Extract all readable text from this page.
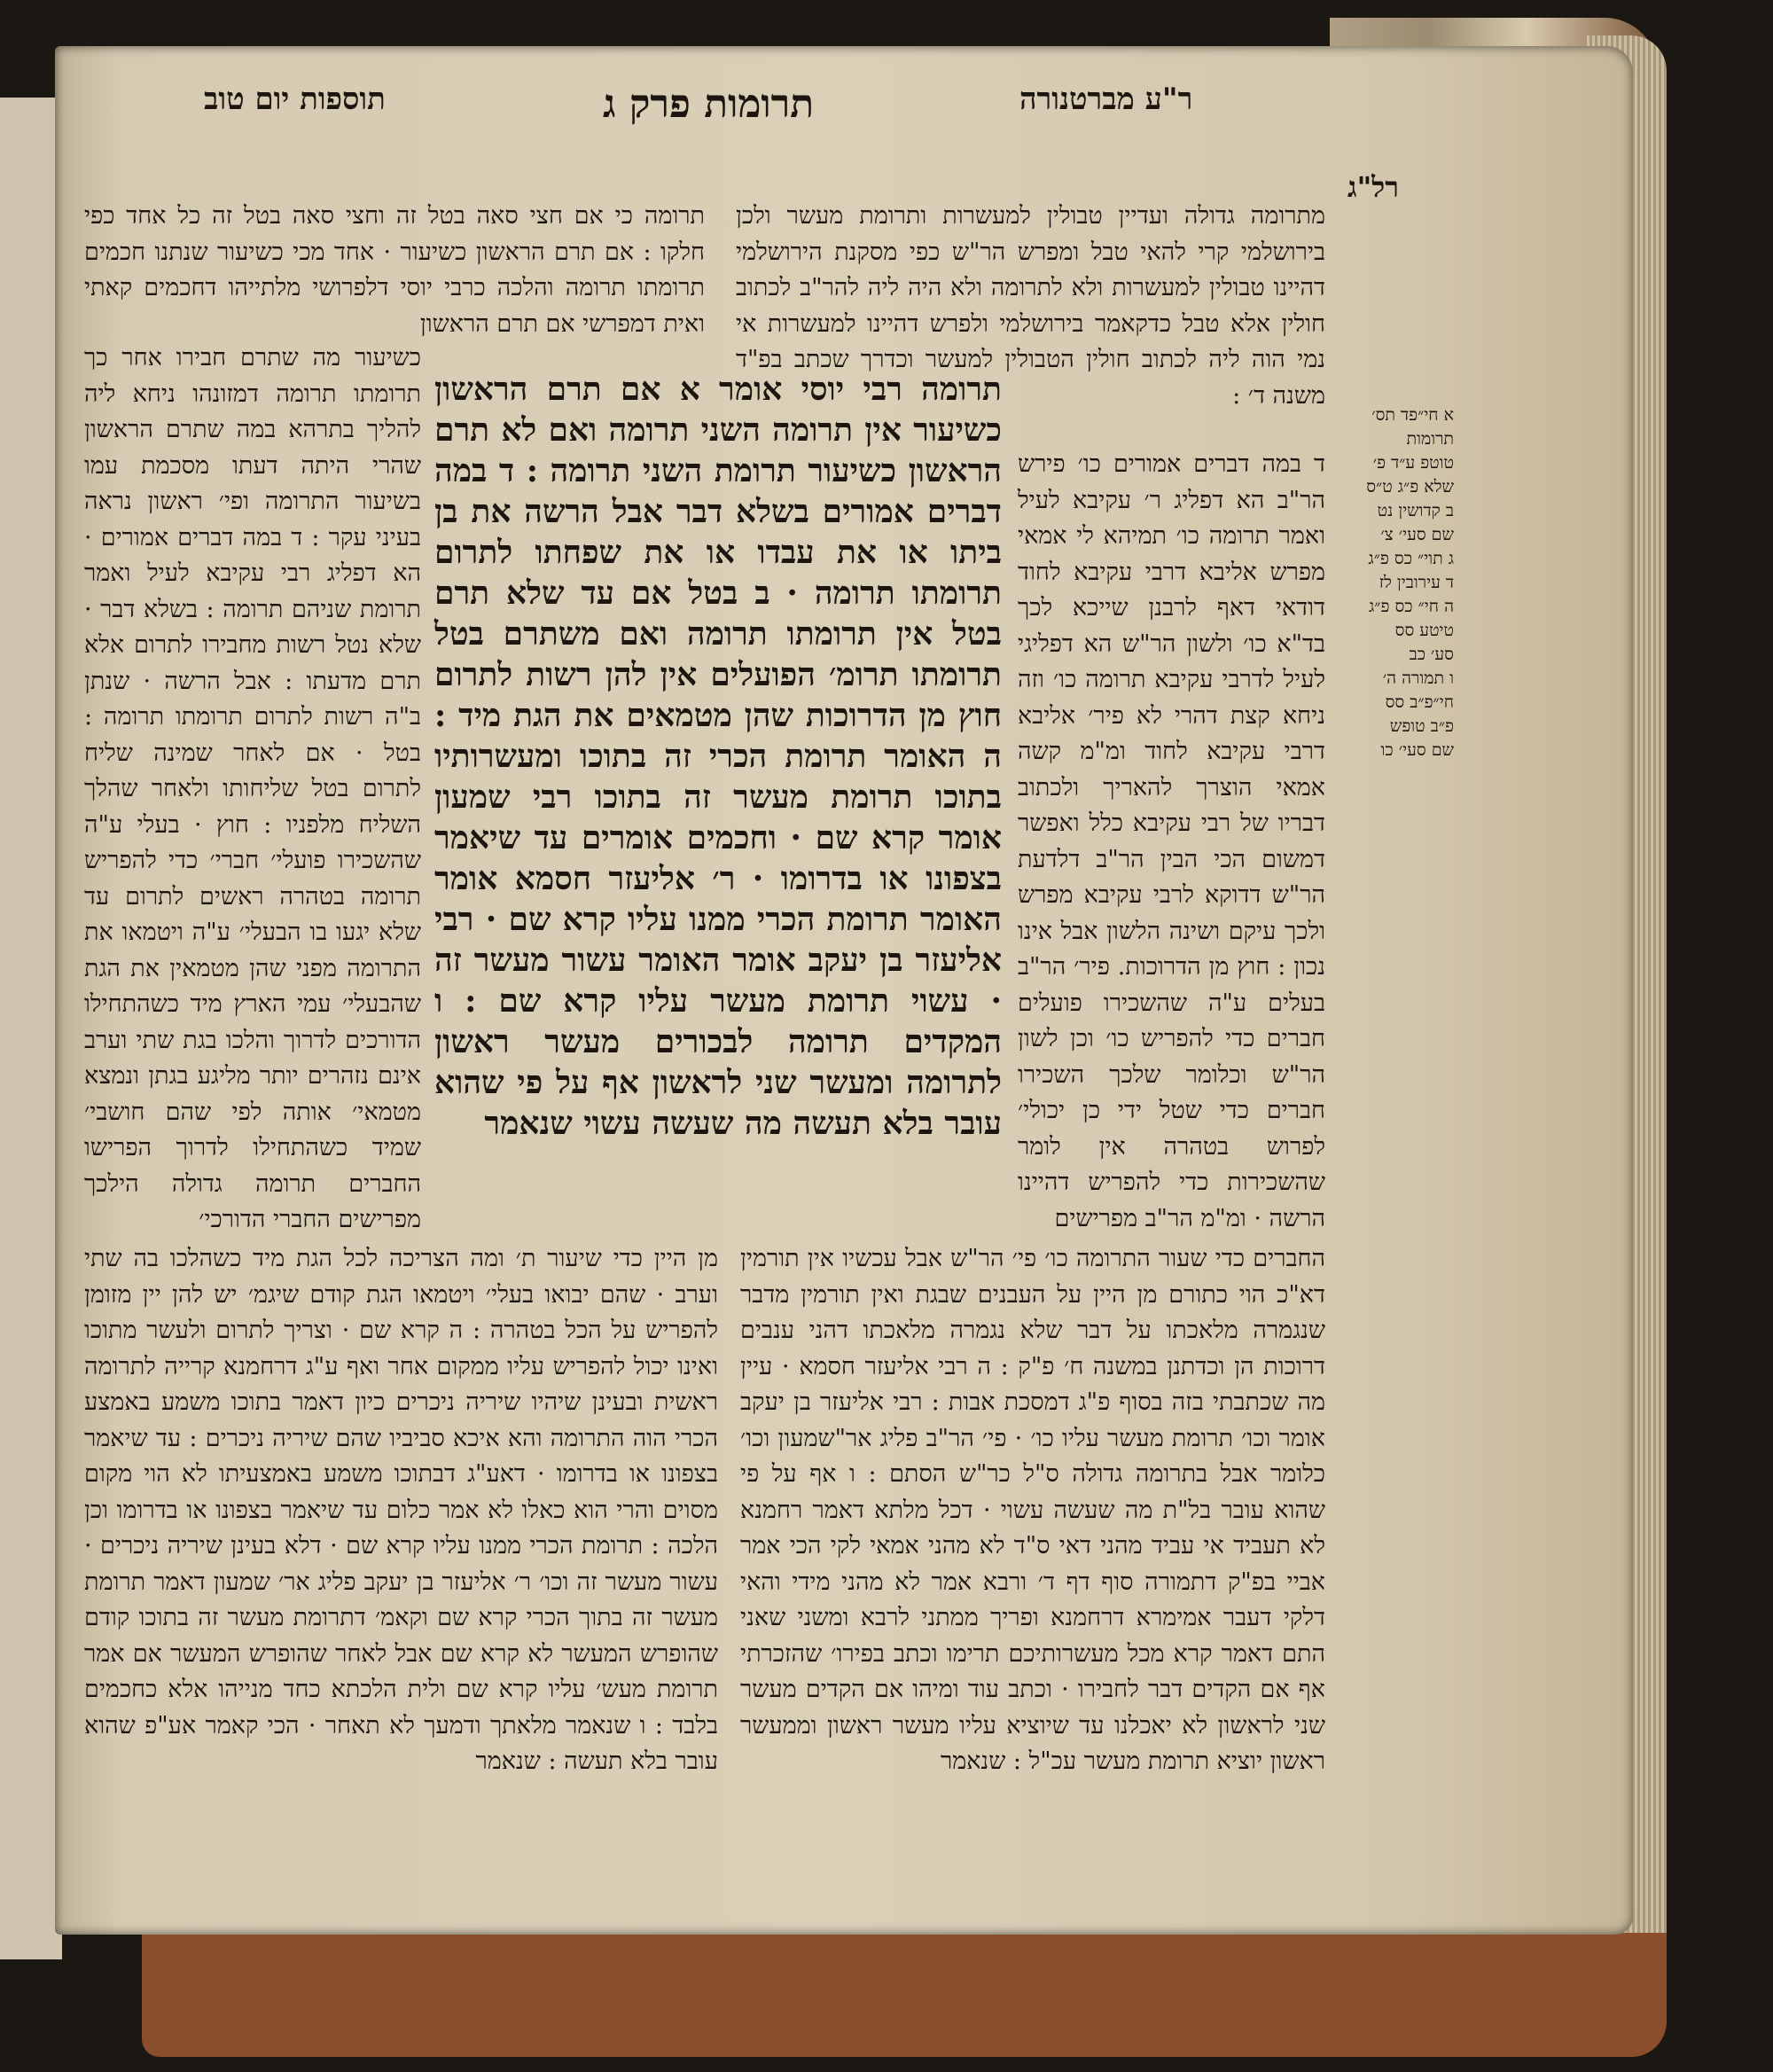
ר"ע מברטנורה
תרומות פרק ג
תוספות יום טוב
רל"ג
מתרומה גדולה ועדיין טבולין למעשרות ותרומת מעשר ולכן בירושלמי קרי להאי טבל ומפרש הר"ש כפי מסקנת הירושלמי דהיינו טבולין למעשרות ולא לתרומה ולא היה ליה להר"ב לכתוב חולין אלא טבל כדקאמר בירושלמי ולפרש דהיינו למעשרות אי נמי הוה ליה לכתוב חולין הטבולין למעשר וכדרך שכתב בפ"ד משנה ד׳ :
ד במה דברים אמורים כו׳ פירש הר"ב הא דפליג ר׳ עקיבא לעיל ואמר תרומה כו׳ תמיהא לי אמאי מפרש אליבא דרבי עקיבא לחוד דודאי דאף לרבנן שייכא לכך בד"א כו׳ ולשון הר"ש הא דפליגי לעיל לדרבי עקיבא תרומה כו׳ וזה ניחא קצת דהרי לא פיר׳ אליבא דרבי עקיבא לחוד ומ"מ קשה אמאי הוצרך להאריך ולכתוב דבריו של רבי עקיבא כלל ואפשר דמשום הכי הבין הר"ב דלדעת הר"ש דדוקא לרבי עקיבא מפרש ולכך עיקם ושינה הלשון אבל אינו נכון : חוץ מן הדרוכות. פיר׳ הר"ב בעלים ע"ה שהשכירו פועלים חברים כדי להפריש כו׳ וכן לשון הר"ש וכלומר שלכך השכירו חברים כדי שטל ידי כן יכולי׳ לפרוש בטהרה אין לומר שהשכירות כדי להפריש דהיינו הרשה · ומ"מ הר"ב מפרישים
תרומה כי אם חצי סאה בטל זה וחצי סאה בטל זה כל אחד כפי חלקו : אם תרם הראשון כשיעור · אחד מכי כשיעור שנתנו חכמים תרומתו תרומה והלכה כרבי יוסי דלפרושי מלתייהו דחכמים קאתי ואית דמפרשי אם תרם הראשון
כשיעור מה שתרם חבירו אחר כך תרומתו תרומה דמזונהו ניחא ליה להליך בתרהא במה שתרם הראשון שהרי היתה דעתו מסכמת עמו בשיעור התרומה ופי׳ ראשון נראה בעיני עקר : ד במה דברים אמורים · הא דפליג רבי עקיבא לעיל ואמר תרומת שניהם תרומה : בשלא דבר · שלא נטל רשות מחבירו לתרום אלא תרם מדעתו : אבל הרשה · שנתן ב"ה רשות לתרום תרומתו תרומה : בטל · אם לאחר שמינה שליח לתרום בטל שליחותו ולאחר שהלך השליח מלפניו : חוץ · בעלי ע"ה שהשכירו פועלי׳ חברי׳ כדי להפריש תרומה בטהרה ראשים לתרום עד שלא יגעו בו הבעלי׳ ע"ה ויטמאו את התרומה מפני שהן מטמאין את הגת שהבעלי׳ עמי הארץ מיד כשהתחילו הדורכים לדרוך והלכו בגת שתי וערב אינם נזהרים יותר מליגע בגתן ונמצא מטמאי׳ אותה לפי שהם חושבי׳ שמיד כשהתחילו לדרוך הפרישו החברים תרומה גדולה הילכך מפרישים החברי הדורכי׳
תרומה רבי יוסי אומר א אם תרם הראשון כשיעור אין תרומה השני תרומה ואם לא תרם הראשון כשיעור תרומת השני תרומה : ד במה דברים אמורים בשלא דבר אבל הרשה את בן ביתו או את עבדו או את שפחתו לתרום תרומתו תרומה · ב בטל אם עד שלא תרם בטל אין תרומתו תרומה ואם משתרם בטל תרומתו תרומ׳ הפועלים אין להן רשות לתרום חוץ מן הדרוכות שהן מטמאים את הגת מיד : ה האומר תרומת הכרי זה בתוכו ומעשרותיו בתוכו תרומת מעשר זה בתוכו רבי שמעון אומר קרא שם · וחכמים אומרים עד שיאמר בצפונו או בדרומו · ר׳ אליעזר חסמא אומר האומר תרומת הכרי ממנו עליו קרא שם · רבי אליעזר בן יעקב אומר האומר עשור מעשר זה · עשוי תרומת מעשר עליו קרא שם : ו המקדים תרומה לבכורים מעשר ראשון לתרומה ומעשר שני לראשון אף על פי שהוא עובר בלא תעשה מה שעשה עשוי שנאמר
א חי״פד תס׳
תרומות
טוטפ ע״ד פ׳
שלא פ״ג ט״ס
ב קדושין נט
שם סעי׳ צ׳
ג תוי״ כס פ״ג
ד עירובין לז
ה חי״ כס פ״ג
טיטע סס
סע׳ כב
ו תמורה ה׳
חי״פ״ב סס
פ״ב טופש
שם סעי׳ כו
החברים כדי שעור התרומה כו׳ פי׳ הר"ש אבל עכשיו אין תורמין דא"כ הוי כתורם מן היין על העבנים שבגת ואין תורמין מדבר שנגמרה מלאכתו על דבר שלא נגמרה מלאכתו דהני ענבים דרוכות הן וכדתנן במשנה ח׳ פ"ק : ה רבי אליעזר חסמא · עיין מה שכתבתי בזה בסוף פ"ג דמסכת אבות : רבי אליעזר בן יעקב אומר וכו׳ תרומת מעשר עליו כו׳ · פי׳ הר"ב פליג אר"שמעון וכו׳ כלומר אבל בתרומה גדולה ס"ל כר"ש הסתם : ו אף על פי שהוא עובר בל"ת מה שעשה עשוי · דכל מלתא דאמר רחמנא לא תעביד אי עביד מהני דאי ס"ד לא מהני אמאי לקי הכי אמר אביי בפ"ק דתמורה סוף דף ד׳ ורבא אמר לא מהני מידי והאי דלקי דעבר אמימרא דרחמנא ופריך ממתני לרבא ומשני שאני התם דאמר קרא מכל מעשרותיכם תרימו וכתב בפירו׳ שהזכרתי אף אם הקדים דבר לחבירו · וכתב עוד ומיהו אם הקדים מעשר שני לראשון לא יאכלנו עד שיוציא עליו מעשר ראשון וממעשר ראשון יוציא תרומת מעשר עכ"ל : שנאמר
מן היין כדי שיעור ת׳ ומה הצריכה לכל הגת מיד כשהלכו בה שתי וערב · שהם יבואו בעלי׳ ויטמאו הגת קודם שיגמ׳ יש להן יין מזומן להפריש על הכל בטהרה : ה קרא שם · וצריך לתרום ולעשר מתוכו ואינו יכול להפריש עליו ממקום אחר ואף ע"ג דרחמנא קרייה לתרומה ראשית ובעינן שיהיו שיריה ניכרים כיון דאמר בתוכו משמע באמצע הכרי הוה התרומה והא איכא סביביו שהם שיריה ניכרים : עד שיאמר בצפונו או בדרומו · דאע"ג דבתוכו משמע באמצעיתו לא הוי מקום מסוים והרי הוא כאלו לא אמר כלום עד שיאמר בצפונו או בדרומו וכן הלכה : תרומת הכרי ממנו עליו קרא שם · דלא בעינן שיריה ניכרים · עשור מעשר זה וכו׳ ר׳ אליעזר בן יעקב פליג אר׳ שמעון דאמר תרומת מעשר זה בתוך הכרי קרא שם וקאמ׳ דתרומת מעשר זה בתוכו קודם שהופרש המעשר לא קרא שם אבל לאחר שהופרש המעשר אם אמר תרומת מעש׳ עליו קרא שם ולית הלכתא כחד מנייהו אלא כחכמים בלבד : ו שנאמר מלאתך ודמעך לא תאחר · הכי קאמר אע"פ שהוא עובר בלא תעשה : שנאמר
